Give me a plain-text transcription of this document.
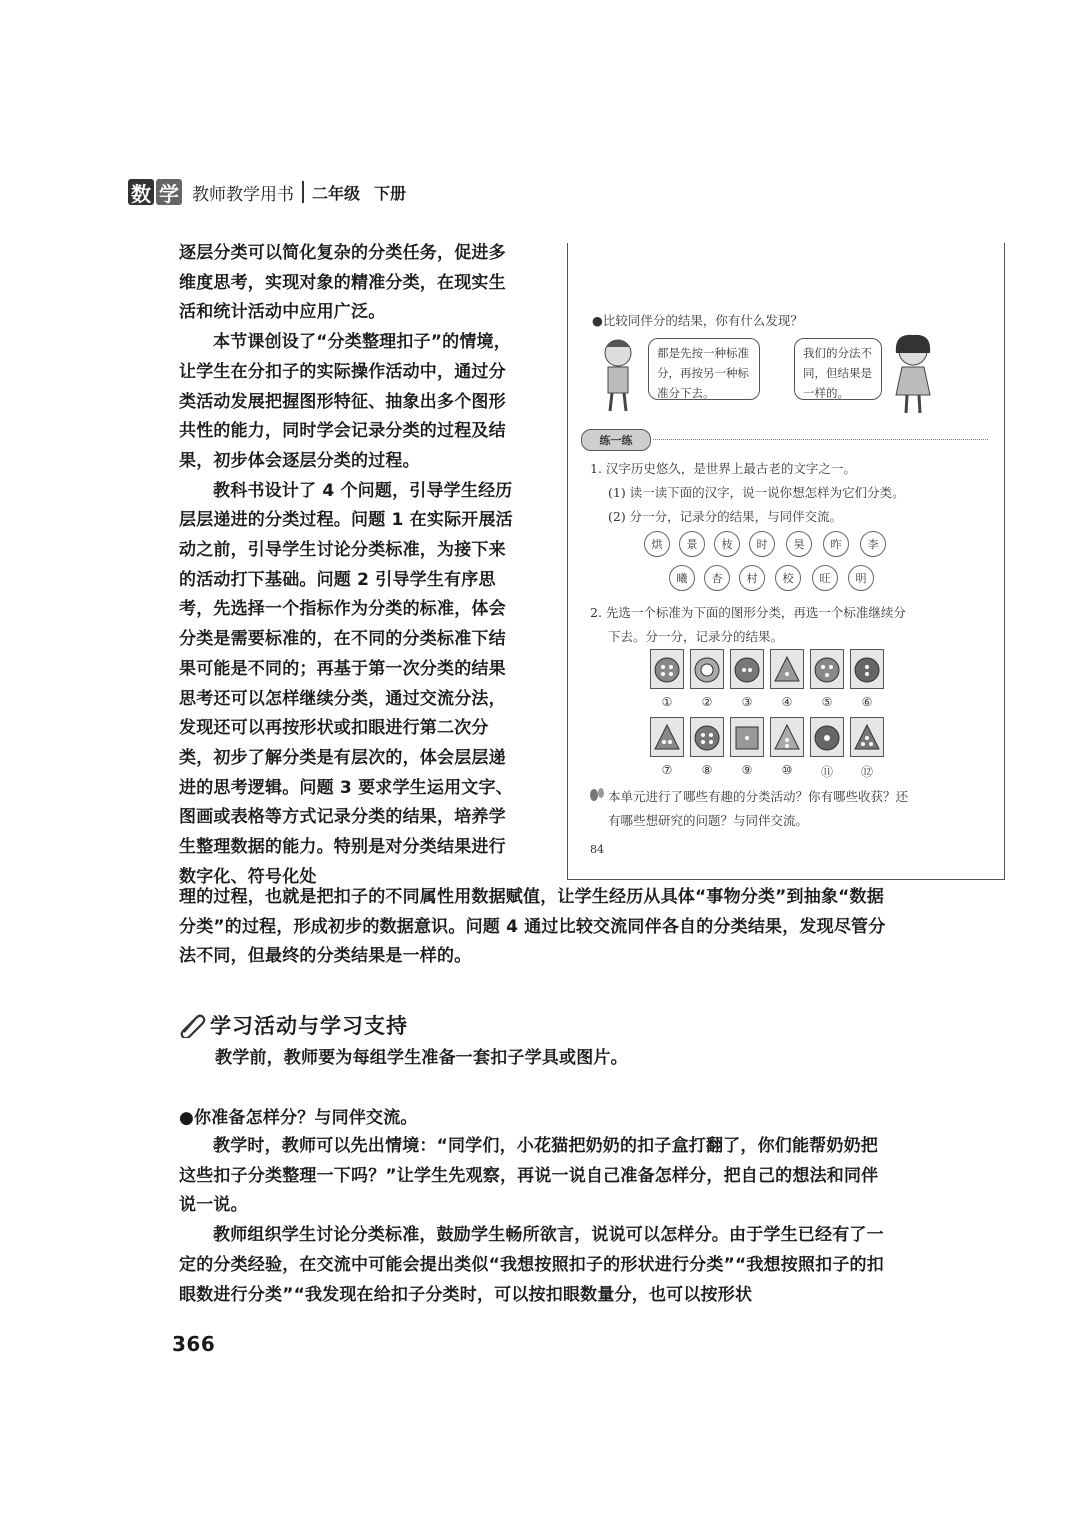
数 学 教师教学用书 二年级 下册

逐层分类可以简化复杂的分类任务，促进多维度思考，实现对象的精准分类，在现实生活和统计活动中应用广泛。

本节课创设了“分类整理扣子”的情境，让学生在分扣子的实际操作活动中，通过分类活动发展把握图形特征、抽象出多个图形共性的能力，同时学会记录分类的过程及结果，初步体会逐层分类的过程。

教科书设计了 4 个问题，引导学生经历层层递进的分类过程。问题 1 在实际开展活动之前，引导学生讨论分类标准，为接下来的活动打下基础。问题 2 引导学生有序思考，先选择一个指标作为分类的标准，体会分类是需要标准的，在不同的分类标准下结果可能是不同的；再基于第一次分类的结果思考还可以怎样继续分类，通过交流分法，发现还可以再按形状或扣眼进行第二次分类，初步了解分类是有层次的，体会层层递进的思考逻辑。问题 3 要求学生运用文字、图画或表格等方式记录分类的结果，培养学生整理数据的能力。特别是对分类结果进行数字化、符号化处

●比较同伴分的结果，你有什么发现？
都是先按一种标准分，再按另一种标准分下去。
我们的分法不同，但结果是一样的。
练一练
1. 汉字历史悠久，是世界上最古老的文字之一。
(1) 读一读下面的汉字，说一说你想怎样为它们分类。
(2) 分一分，记录分的结果，与同伴交流。
烘	景	枝	时	昊	昨	李
曦	杏	村	校	旺	明
2. 先选一个标准为下面的图形分类，再选一个标准继续分
下去。分一分，记录分的结果。
①	②	③	④	⑤	⑥
⑦	⑧	⑨	⑩	⑪	⑫
本单元进行了哪些有趣的分类活动？你有哪些收获？还
有哪些想研究的问题？与同伴交流。
84

理的过程，也就是把扣子的不同属性用数据赋值，让学生经历从具体“事物分类”到抽象“数据分类”的过程，形成初步的数据意识。问题 4 通过比较交流同伴各自的分类结果，发现尽管分法不同，但最终的分类结果是一样的。

学习活动与学习支持
教学前，教师要为每组学生准备一套扣子学具或图片。
●你准备怎样分？与同伴交流。

教学时，教师可以先出情境：“同学们，小花猫把奶奶的扣子盒打翻了，你们能帮奶奶把这些扣子分类整理一下吗？”让学生先观察，再说一说自己准备怎样分，把自己的想法和同伴说一说。

教师组织学生讨论分类标准，鼓励学生畅所欲言，说说可以怎样分。由于学生已经有了一定的分类经验，在交流中可能会提出类似“我想按照扣子的形状进行分类”“我想按照扣子的扣眼数进行分类”“我发现在给扣子分类时，可以按扣眼数量分，也可以按形状

366
